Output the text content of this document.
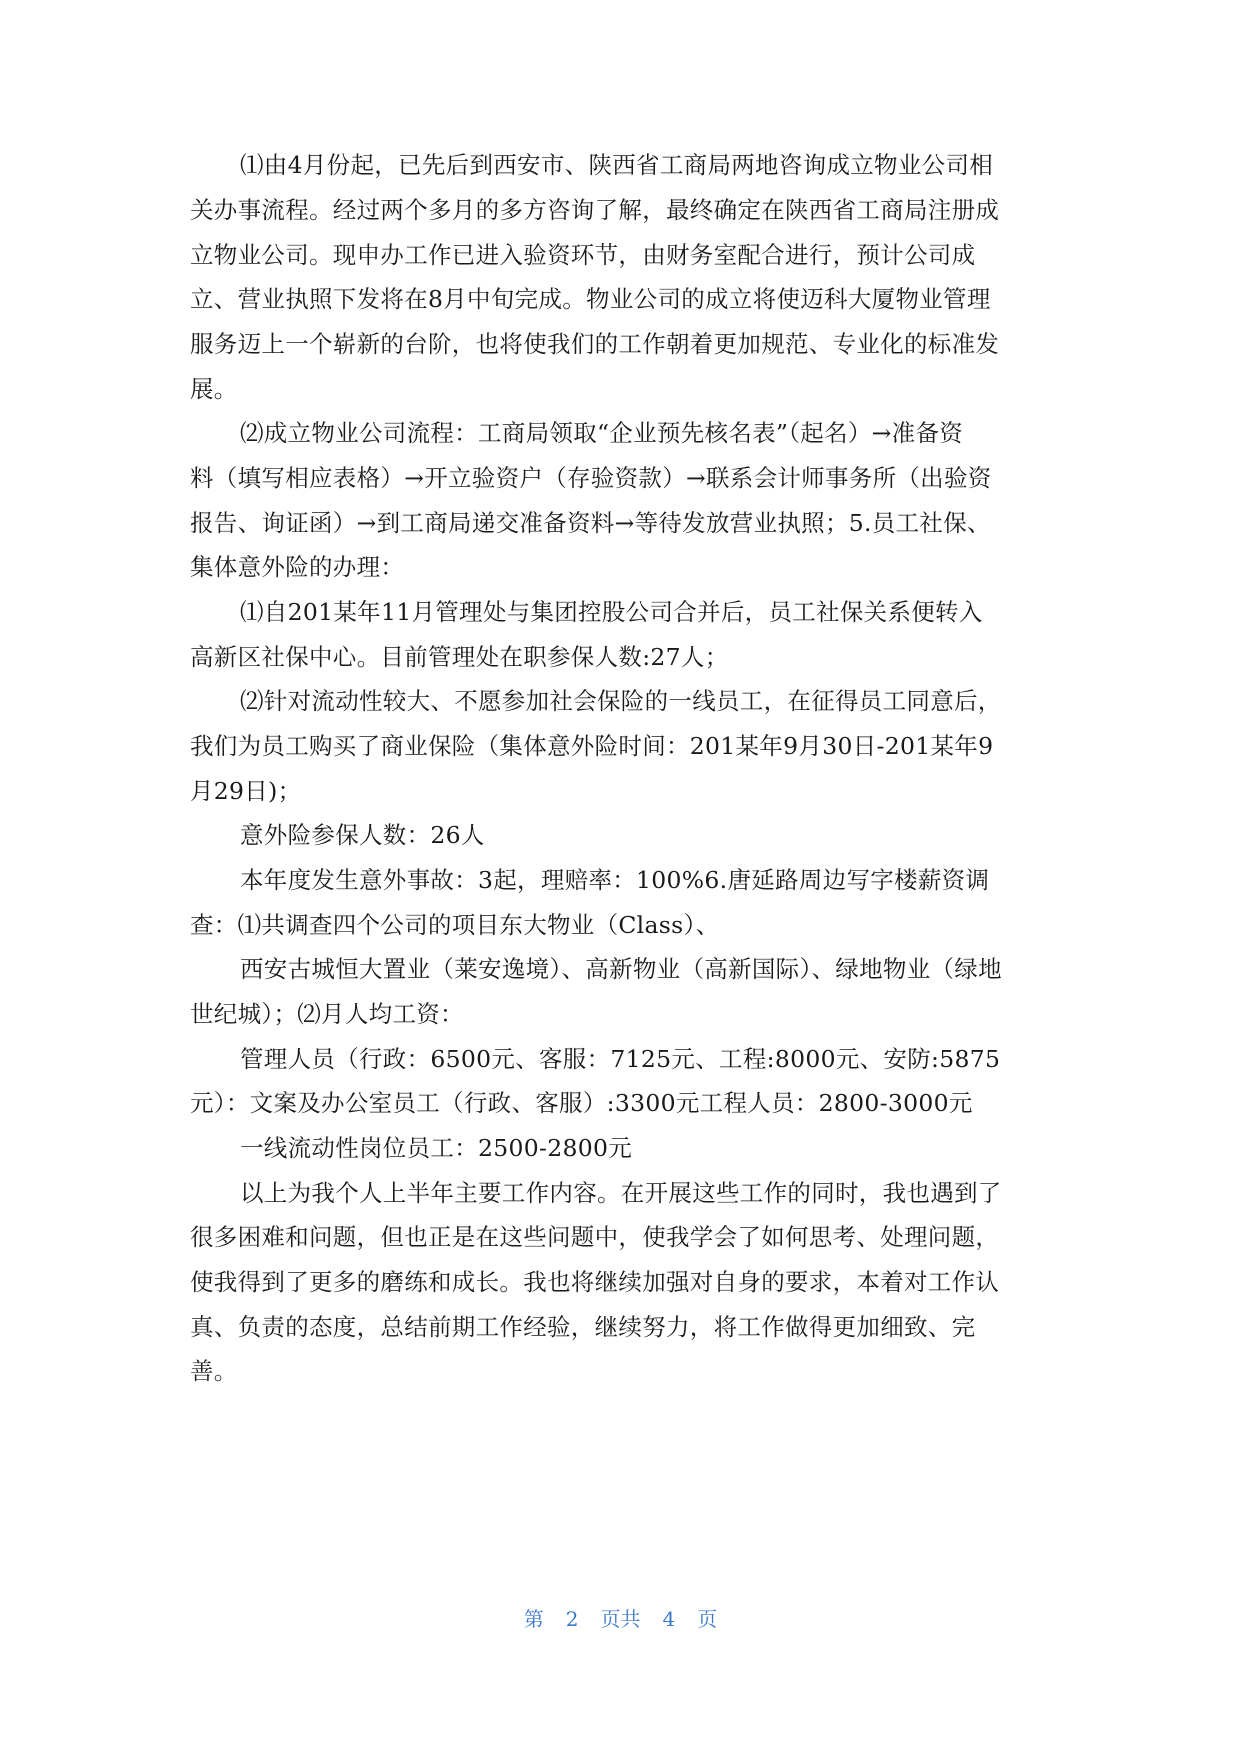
⑴由4月份起，已先后到西安市、陕西省工商局两地咨询成立物业公司相
关办事流程。经过两个多月的多方咨询了解，最终确定在陕西省工商局注册成
立物业公司。现申办工作已进入验资环节，由财务室配合进行，预计公司成
立、营业执照下发将在8月中旬完成。物业公司的成立将使迈科大厦物业管理
服务迈上一个崭新的台阶，也将使我们的工作朝着更加规范、专业化的标准发
展。
⑵成立物业公司流程：工商局领取“企业预先核名表”（起名）→准备资
料（填写相应表格）→开立验资户（存验资款）→联系会计师事务所（出验资
报告、询证函）→到工商局递交准备资料→等待发放营业执照；5.员工社保、
集体意外险的办理：
⑴自201某年11月管理处与集团控股公司合并后，员工社保关系便转入
高新区社保中心。目前管理处在职参保人数:27人；
⑵针对流动性较大、不愿参加社会保险的一线员工，在征得员工同意后，
我们为员工购买了商业保险（集体意外险时间：201某年9月30日-201某年9
月29日)；
意外险参保人数：26人
本年度发生意外事故：3起，理赔率：100%6.唐延路周边写字楼薪资调
查：⑴共调查四个公司的项目东大物业（Class）、
西安古城恒大置业（莱安逸境）、高新物业（高新国际）、绿地物业（绿地
世纪城）；⑵月人均工资：
管理人员（行政：6500元、客服：7125元、工程:8000元、安防:5875
元）：文案及办公室员工（行政、客服）:3300元工程人员：2800-3000元
一线流动性岗位员工：2500-2800元
以上为我个人上半年主要工作内容。在开展这些工作的同时，我也遇到了
很多困难和问题，但也正是在这些问题中，使我学会了如何思考、处理问题，
使我得到了更多的磨练和成长。我也将继续加强对自身的要求，本着对工作认
真、负责的态度，总结前期工作经验，继续努力，将工作做得更加细致、完
善。
第 2 页共 4 页
